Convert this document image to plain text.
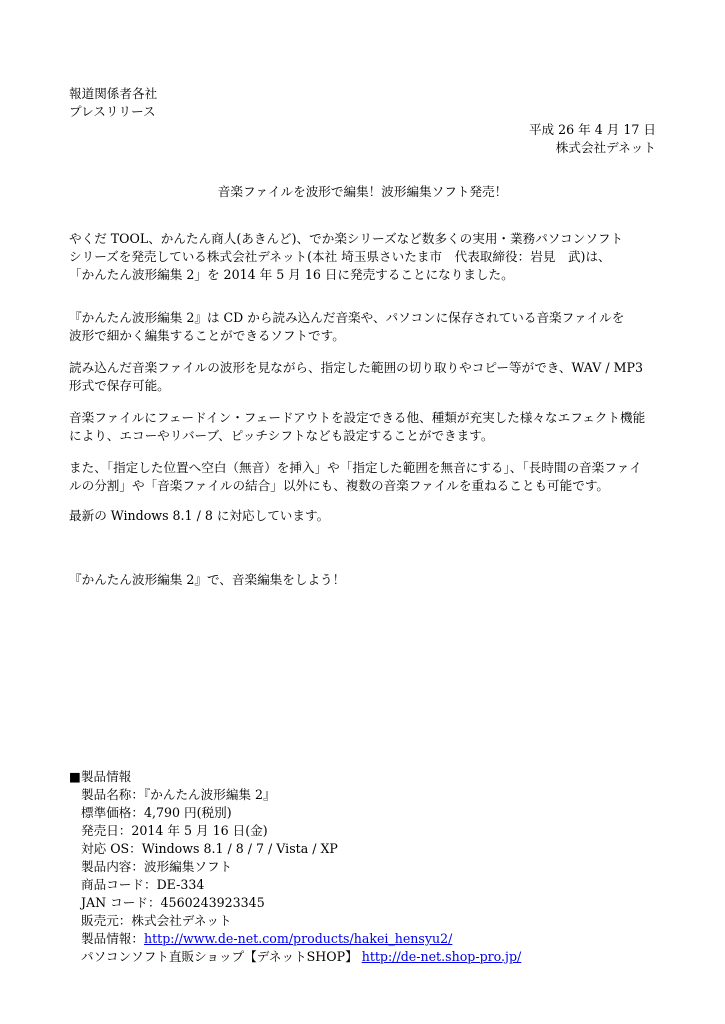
報道関係者各社
プレスリリース
平成 26 年 4 月 17 日
株式会社デネット
音楽ファイルを波形で編集！波形編集ソフト発売！
やくだ TOOL、かんたん商人(あきんど)、でか楽シリーズなど数多くの実用・業務パソコンソフト
シリーズを発売している株式会社デネット(本社 埼玉県さいたま市　代表取締役：岩見　武)は、
「かんたん波形編集 2」を 2014 年 5 月 16 日に発売することになりました。
『かんたん波形編集 2』は CD から読み込んだ音楽や、パソコンに保存されている音楽ファイルを
波形で細かく編集することができるソフトです。
読み込んだ音楽ファイルの波形を見ながら、指定した範囲の切り取りやコピー等ができ、WAV / MP3
形式で保存可能。
音楽ファイルにフェードイン・フェードアウトを設定できる他、種類が充実した様々なエフェクト機能
により、エコーやリバーブ、ピッチシフトなども設定することができます。
また、「指定した位置へ空白（無音）を挿入」や「指定した範囲を無音にする」、「長時間の音楽ファイ
ルの分割」や「音楽ファイルの結合」以外にも、複数の音楽ファイルを重ねることも可能です。
最新の Windows 8.1 / 8 に対応しています。
『かんたん波形編集 2』で、音楽編集をしよう！
■製品情報
製品名称：『かんたん波形編集 2』
標準価格：4,790 円(税別)
発売日：2014 年 5 月 16 日(金)
対応 OS：Windows 8.1 / 8 / 7 / Vista / XP
製品内容：波形編集ソフト
商品コード：DE-334
JAN コード：4560243923345
販売元：株式会社デネット
製品情報：http://www.de-net.com/products/hakei_hensyu2/
パソコンソフト直販ショップ【デネットSHOP】 http://de-net.shop-pro.jp/
